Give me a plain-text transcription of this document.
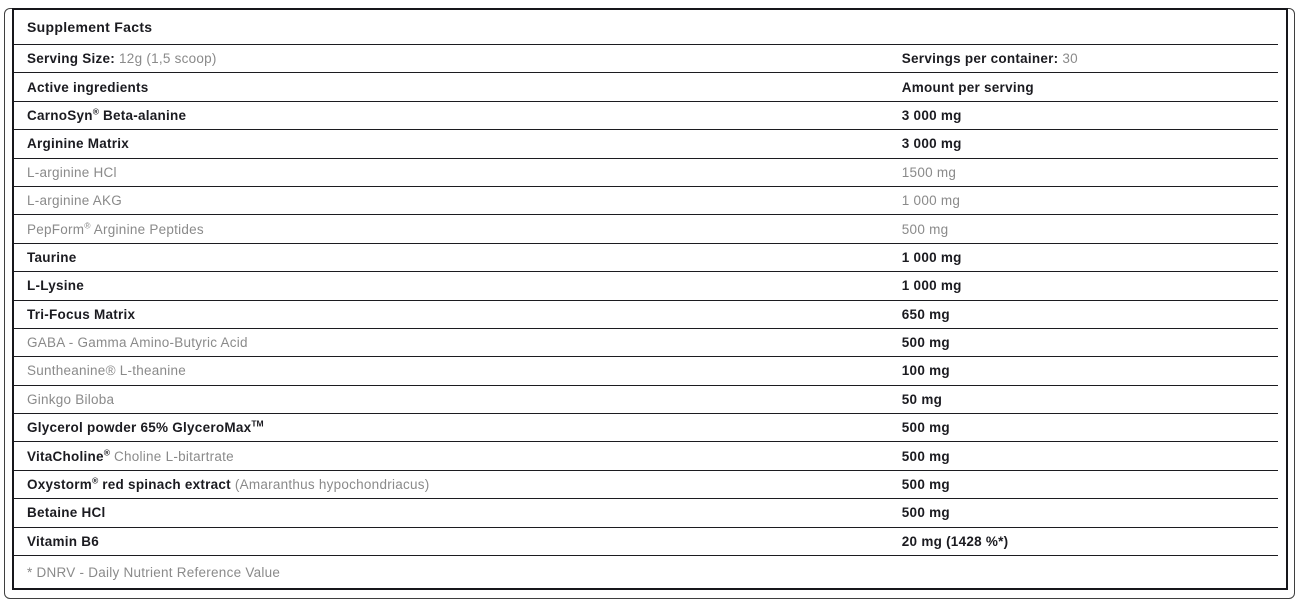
Supplement Facts
Serving Size: 12g (1,5 scoop)	Servings per container: 30
Active ingredients	Amount per serving
CarnoSyn® Beta-alanine	3 000 mg
Arginine Matrix	3 000 mg
L-arginine HCl	1500 mg
L-arginine AKG	1 000 mg
PepForm® Arginine Peptides	500 mg
Taurine	1 000 mg
L-Lysine	1 000 mg
Tri-Focus Matrix	650 mg
GABA - Gamma Amino-Butyric Acid	500 mg
Suntheanine® L-theanine	100 mg
Ginkgo Biloba	50 mg
Glycerol powder 65% GlyceroMax™	500 mg
VitaCholine® Choline L-bitartrate	500 mg
Oxystorm® red spinach extract (Amaranthus hypochondriacus)	500 mg
Betaine HCl	500 mg
Vitamin B6	20 mg (1428 %*)
* DNRV - Daily Nutrient Reference Value
